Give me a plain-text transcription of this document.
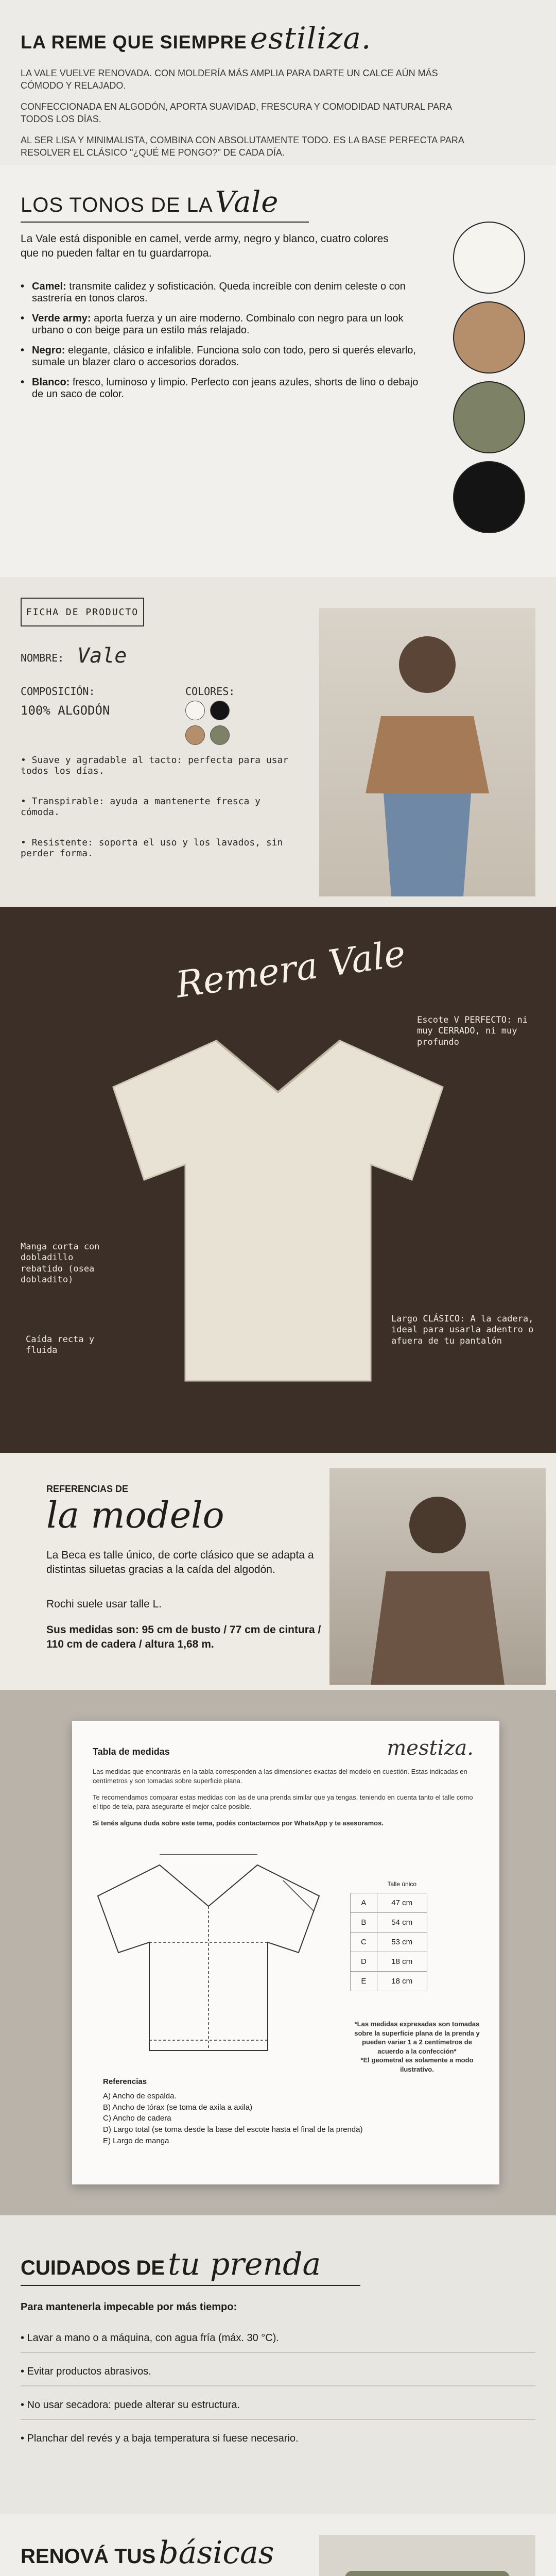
LA REME QUE SIEMPRE estiliza.

LA VALE VUELVE RENOVADA. CON MOLDERÍA MÁS AMPLIA PARA DARTE UN CALCE AÚN MÁS CÓMODO Y RELAJADO.

CONFECCIONADA EN ALGODÓN, APORTA SUAVIDAD, FRESCURA Y COMODIDAD NATURAL PARA TODOS LOS DÍAS.

AL SER LISA Y MINIMALISTA, COMBINA CON ABSOLUTAMENTE TODO. ES LA BASE PERFECTA PARA RESOLVER EL CLÁSICO "¿QUÉ ME PONGO?" DE CADA DÍA.

LOS TONOS DE LAVale

La Vale está disponible en camel, verde army, negro y blanco, cuatro colores que no pueden faltar en tu guardarropa.

• Camel: transmite calidez y sofisticación. Queda increíble con denim celeste o con sastrería en tonos claros.
• Verde army: aporta fuerza y un aire moderno. Combinalo con negro para un look urbano o con beige para un estilo más relajado.
• Negro: elegante, clásico e infalible. Funciona solo con todo, pero si querés elevarlo, sumale un blazer claro o accesorios dorados.
• Blanco: fresco, luminoso y limpio. Perfecto con jeans azules, shorts de lino o debajo de un saco de color.
FICHA DE PRODUCTO
NOMBRE: Vale
COMPOSICIÓN:
100% ALGODÓN
COLORES:
• Suave y agradable al tacto: perfecta para usar todos los días.
• Transpirable: ayuda a mantenerte fresca y cómoda.
• Resistente: soporta el uso y los lavados, sin perder forma.
Remera Vale
Escote V PERFECTO: ni muy CERRADO, ni muy profundo
Manga corta con dobladillo rebatido (osea dobladito)
Caída recta y fluida
Largo CLÁSICO: A la cadera, ideal para usarla adentro o afuera de tu pantalón
REFERENCIAS DE
la modelo

La Beca es talle único, de corte clásico que se adapta a distintas siluetas gracias a la caída del algodón.

Rochi suele usar talle L.

Sus medidas son: 95 cm de busto / 77 cm de cintura / 110 cm de cadera / altura 1,68 m.

Tabla de medidas	mestiza.
Las medidas que encontrarás en la tabla corresponden a las dimensiones exactas del modelo en cuestión. Estas indicadas en centímetros y son tomadas sobre superficie plana.
Te recomendamos comparar estas medidas con las de una prenda similar que ya tengas, teniendo en cuenta tanto el talle como el tipo de tela, para asegurarte el mejor calce posible.
Si tenés alguna duda sobre este tema, podés contactarnos por WhatsApp y te asesoramos.
	Talle único
A	47 cm
B	54 cm
C	53 cm
D	18 cm
E	18 cm
*Las medidas expresadas son tomadas sobre la superficie plana de la prenda y pueden variar 1 a 2 centímetros de acuerdo a la confección*
*El geometral es solamente a modo ilustrativo.
Referencias
A) Ancho de espalda.
B) Ancho de tórax (se toma de axila a axila)
C) Ancho de cadera
D) Largo total (se toma desde la base del escote hasta el final de la prenda)
E) Largo de manga
CUIDADOS DE tu prenda

Para mantenerla impecable por más tiempo:

• Lavar a mano o a máquina, con agua fría (máx. 30 °C).

• Evitar productos abrasivos.

• No usar secadora: puede alterar su estructura.

• Planchar del revés y a baja temperatura si fuese necesario.

RENOVÁ TUS básicas
